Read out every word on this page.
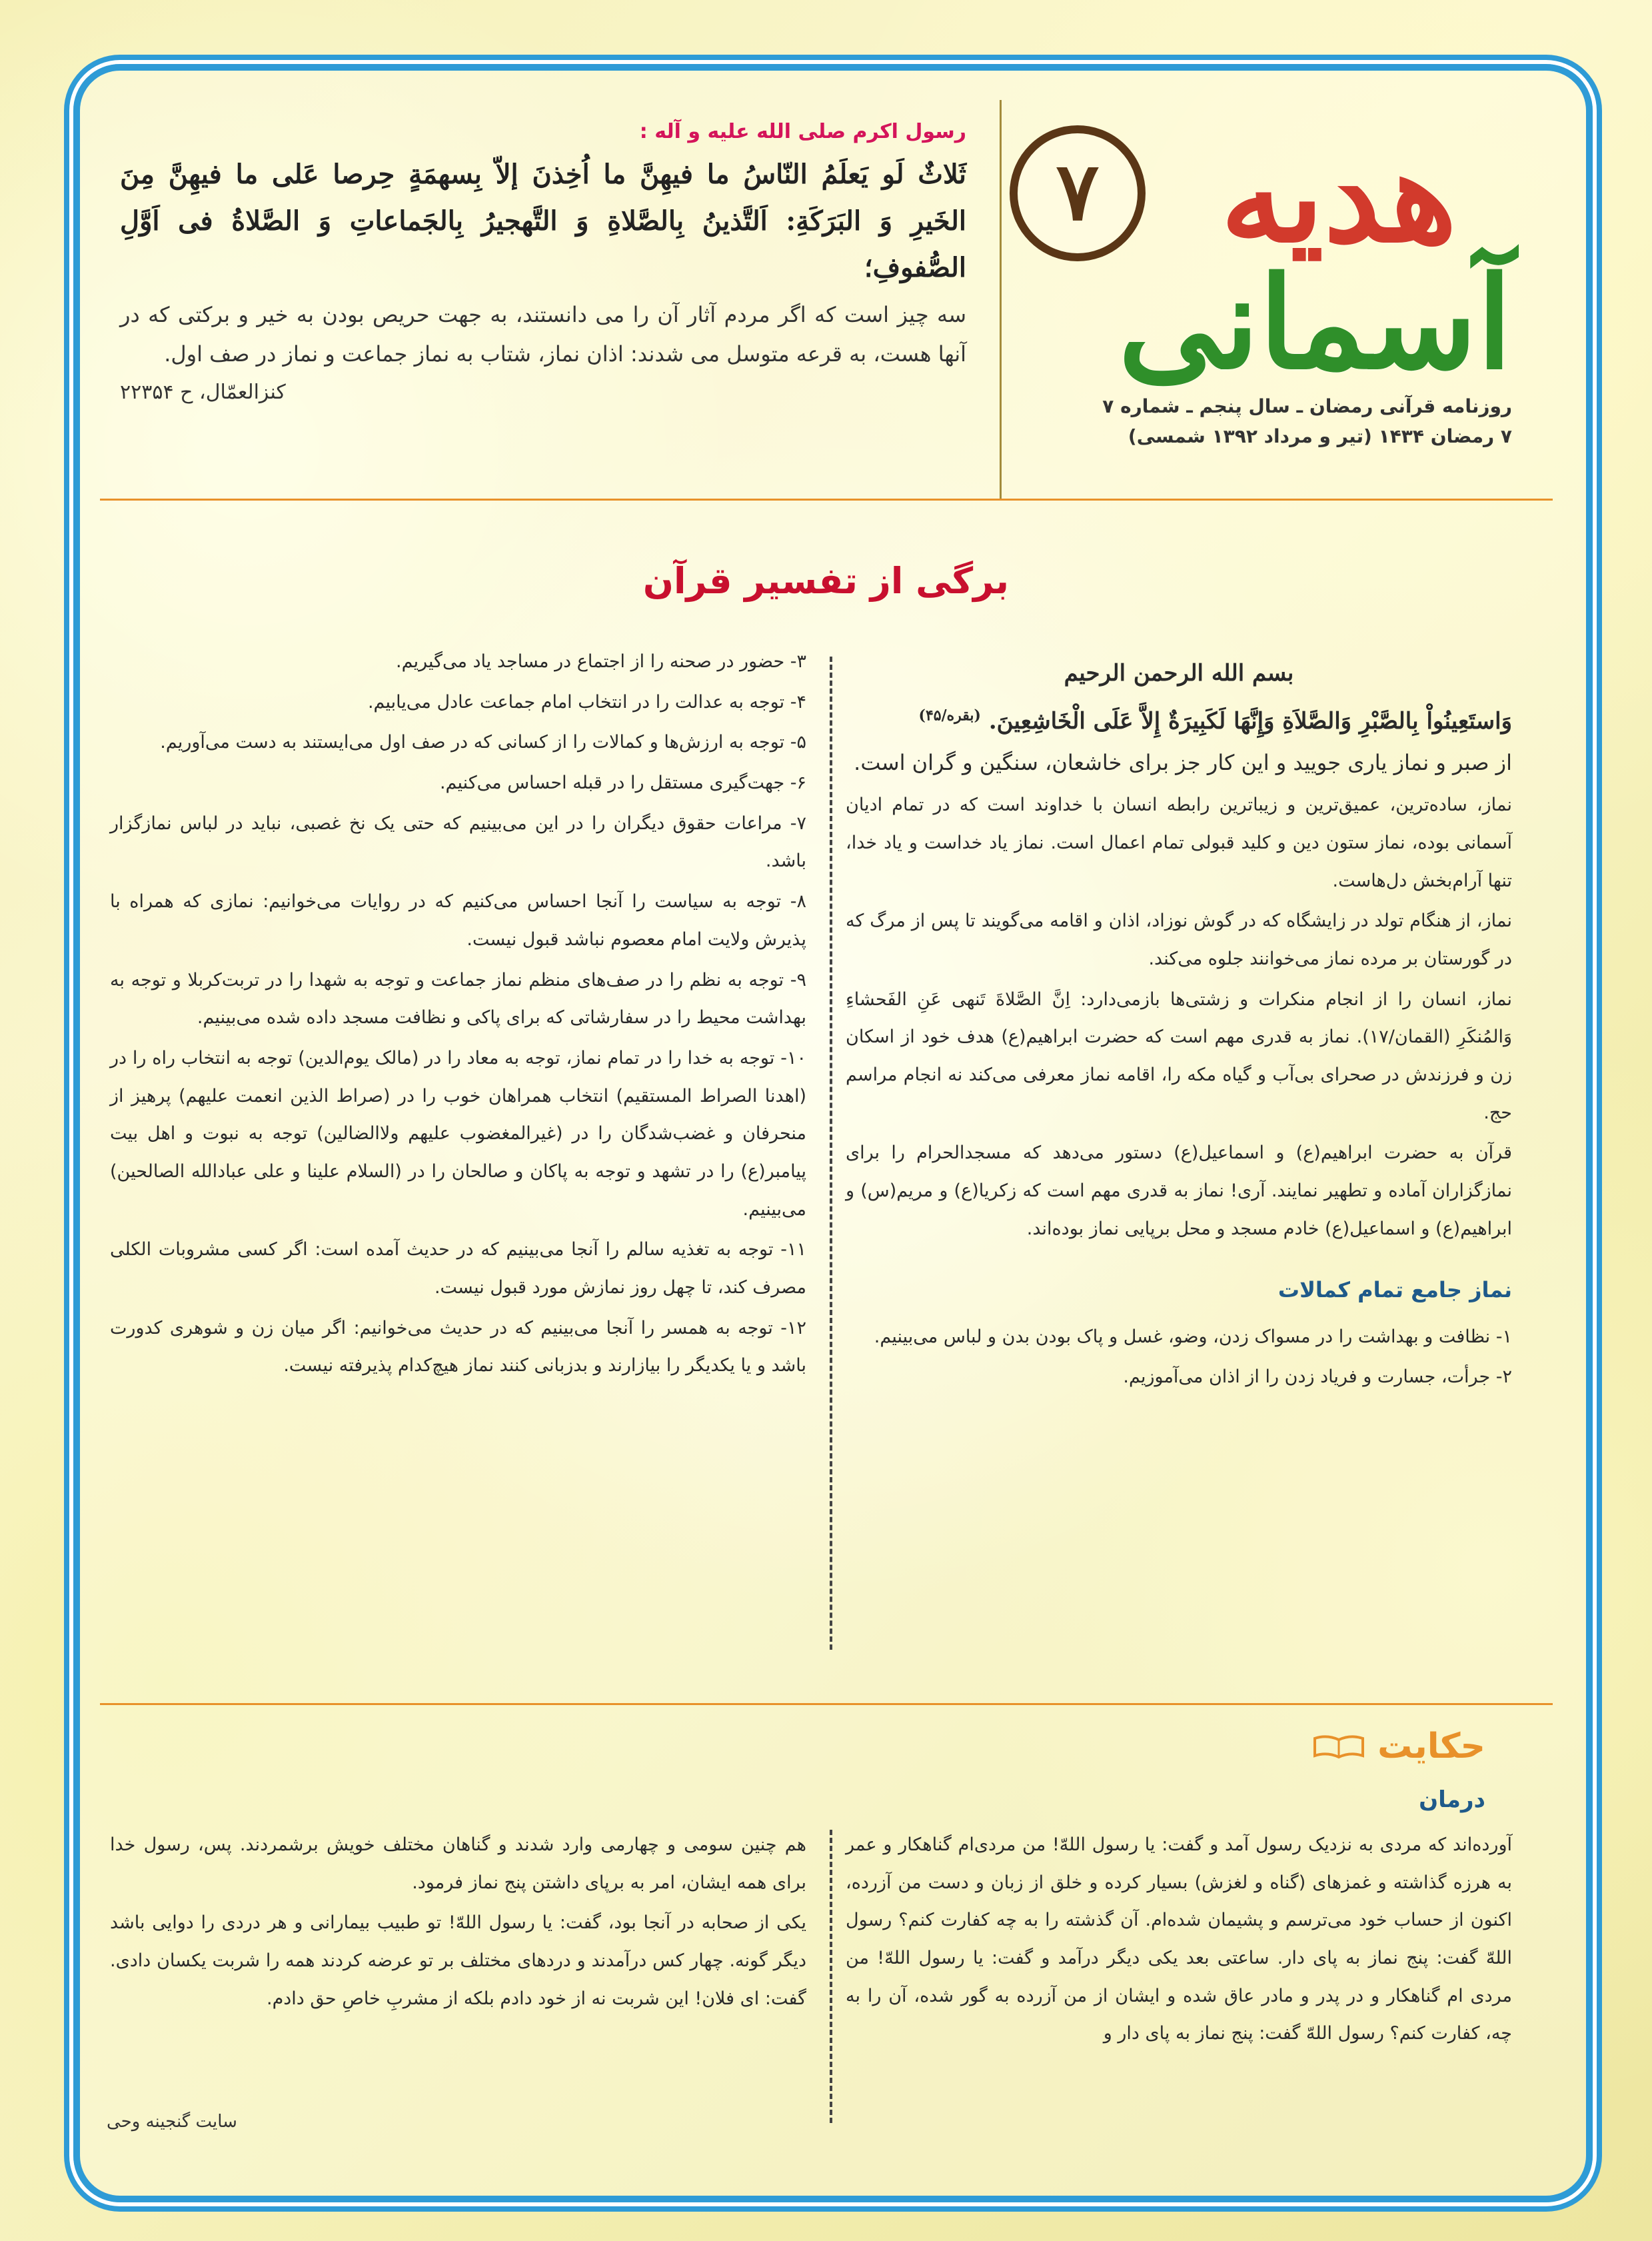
هدیه آسمانی
۷
روزنامه قرآنی رمضان ـ سال پنجم ـ شماره ۷
۷ رمضان ۱۴۳۴ (تیر و مرداد ۱۳۹۲ شمسی)
رسول اکرم صلی الله علیه و آله :
ثَلاثٌ لَو یَعلَمُ النّاسُ ما فیهِنَّ ما اُخِذنَ إلاّ بِسهمَةٍ حِرصا عَلی ما فیهِنَّ مِنَ الخَیرِ وَ البَرَکَةِ: اَلتَّذینُ بِالصَّلاةِ وَ التَّهجیرُ بِالجَماعاتِ وَ الصَّلاةُ فی اَوَّلِ الصُّفوفِ؛
سه چیز است که اگر مردم آثار آن را می دانستند، به جهت حریص بودن به خیر و برکتی که در آنها هست، به قرعه متوسل می شدند: اذان نماز، شتاب به نماز جماعت و نماز در صف اول.
کنزالعمّال، ح ۲۲۳۵۴
برگی از تفسیر قرآن
بسم الله الرحمن الرحیم
وَاستَعِینُواْ بِالصَّبْرِ وَالصَّلاَةِ وَإِنَّهَا لَكَبِیرَةٌ إِلاَّ عَلَى الْخَاشِعِینَ. $^{(بقره/۴۵)}$

از صبر و نماز یاری جویید و این کار جز برای خاشعان، سنگین و گران است.

نماز، ساده‌ترین، عمیق‌ترین و زیباترین رابطه انسان با خداوند است که در تمام ادیان آسمانی بوده، نماز ستون دین و کلید قبولی تمام اعمال است. نماز یاد خداست و یاد خدا، تنها آرام‌بخش دل‌هاست.

نماز، از هنگام تولد در زایشگاه که در گوش نوزاد، اذان و اقامه می‌گویند تا پس از مرگ که در گورستان بر مرده نماز می‌خوانند جلوه می‌کند.

نماز، انسان را از انجام منکرات و زشتی‌ها بازمی‌دارد: اِنَّ الصَّلاةَ تَنهی عَنِ الفَحشاءِ وَالمُنکَرِ (القمان/۱۷). نماز به قدری مهم است که حضرت ابراهیم(ع) هدف خود از اسکان زن و فرزندش در صحرای بی‌آب و گیاه مکه را، اقامه نماز معرفی می‌کند نه انجام مراسم حج.

قرآن به حضرت ابراهیم(ع) و اسماعیل(ع) دستور می‌دهد که مسجدالحرام را برای نمازگزاران آماده و تطهیر نمایند. آری! نماز به قدری مهم است که زکریا(ع) و مریم(س) و ابراهیم(ع) و اسماعیل(ع) خادم مسجد و محل برپایی نماز بوده‌اند.

نماز جامع تمام کمالات

۱- نظافت و بهداشت را در مسواک زدن، وضو، غسل و پاک بودن بدن و لباس می‌بینیم.

۲- جرأت، جسارت و فریاد زدن را از اذان می‌آموزیم.

۳- حضور در صحنه را از اجتماع در مساجد یاد می‌گیریم.

۴- توجه به عدالت را در انتخاب امام جماعت عادل می‌یابیم.

۵- توجه به ارزش‌ها و کمالات را از کسانی که در صف اول می‌ایستند به دست می‌آوریم.

۶- جهت‌گیری مستقل را در قبله احساس می‌کنیم.

۷- مراعات حقوق دیگران را در این می‌بینیم که حتی یک نخ غصبی، نباید در لباس نمازگزار باشد.

۸- توجه به سیاست را آنجا احساس می‌کنیم که در روایات می‌خوانیم: نمازی که همراه با پذیرش ولایت امام معصوم نباشد قبول نیست.

۹- توجه به نظم را در صف‌های منظم نماز جماعت و توجه به شهدا را در تربت‌کربلا و توجه به بهداشت محیط را در سفارشاتی که برای پاکی و نظافت مسجد داده شده می‌بینیم.

۱۰- توجه به خدا را در تمام نماز، توجه به معاد را در (مالک یوم‌الدین) توجه به انتخاب راه را در (اهدنا الصراط المستقیم) انتخاب همراهان خوب را در (صراط الذین انعمت علیهم) پرهیز از منحرفان و غضب‌شدگان را در (غیرالمغضوب علیهم ولاالضالین) توجه به نبوت و اهل بیت پیامبر(ع) را در تشهد و توجه به پاکان و صالحان را در (السلام علینا و علی عبادالله الصالحین) می‌بینیم.

۱۱- توجه به تغذیه سالم را آنجا می‌بینیم که در حدیث آمده است: اگر کسی مشروبات الکلی مصرف کند، تا چهل روز نمازش مورد قبول نیست.

۱۲- توجه به همسر را آنجا می‌بینیم که در حدیث می‌خوانیم: اگر میان زن و شوهری کدورت باشد و یا یکدیگر را بیازارند و بدزبانی کنند نماز هیچ‌کدام پذیرفته نیست.

حکایت
درمان

آورده‌اند که مردی به نزدیک رسول آمد و گفت: یا رسول اللهّ! من مردی‌ام گناهکار و عمر به هرزه گذاشته و غمزهای (گناه و لغزش) بسیار کرده و خلق از زبان و دست من آزرده، اکنون از حساب خود می‌ترسم و پشیمان شده‌ام. آن گذشته را به چه کفارت کنم؟ رسول اللهّ گفت: پنج نماز به پای دار. ساعتی بعد یکی دیگر درآمد و گفت: یا رسول اللهّ! من مردی ام گناهکار و در پدر و مادر عاق شده و ایشان از من آزرده به گور شده، آن را به چه، کفارت کنم؟ رسول اللهّ گفت: پنج نماز به پای دار و

هم چنین سومی و چهارمی وارد شدند و گناهان مختلف خویش برشمردند. پس، رسول خدا برای همه ایشان، امر به برپای داشتن پنج نماز فرمود.

یکی از صحابه در آنجا بود، گفت: یا رسول اللهّ! تو طبیب بیمارانی و هر دردی را دوایی باشد دیگر گونه. چهار کس درآمدند و دردهای مختلف بر تو عرضه کردند همه را شربت یکسان دادی. گفت: ای فلان! این شربت نه از خود دادم بلکه از مشربِ خاصِ حق دادم.

سایت گنجینه وحی
